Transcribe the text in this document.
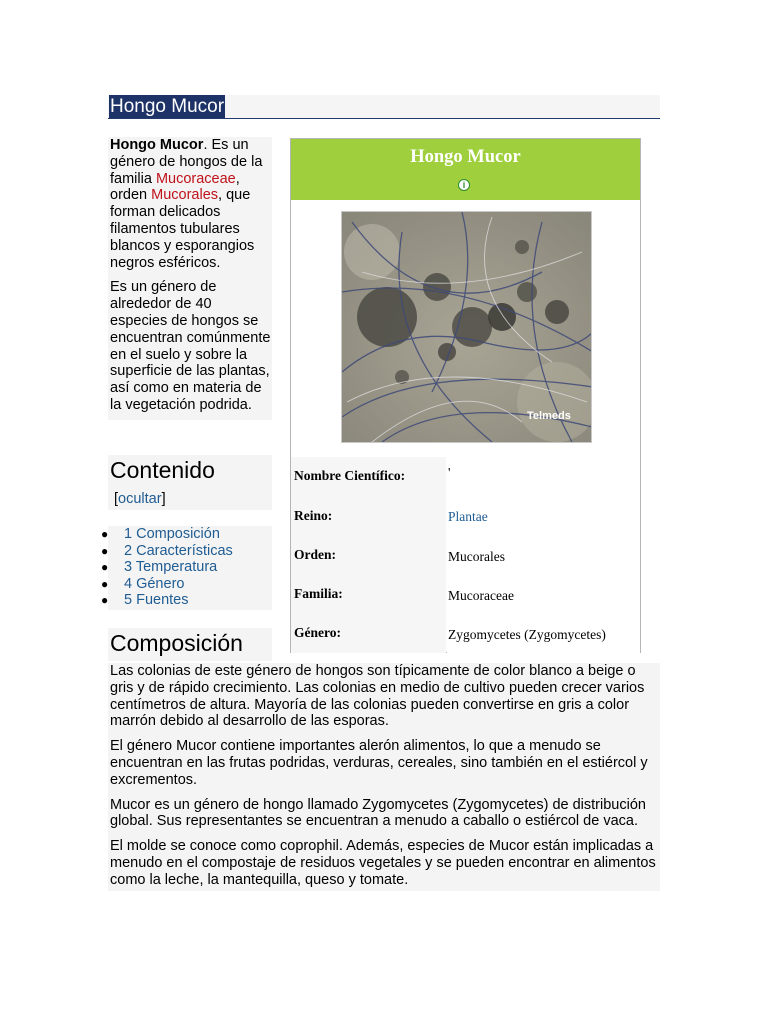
Hongo Mucor

Hongo Mucor. Es un género de hongos de la familia Mucoraceae, orden Mucorales, que forman delicados filamentos tubulares blancos y esporangios negros esféricos.

Es un género de alrededor de 40 especies de hongos se encuentran comúnmente en el suelo y sobre la superficie de las plantas, así como en materia de la vegetación podrida.

Contenido
[ocultar]
● 1 Composición
● 2 Características
● 3 Temperatura
● 4 Género
● 5 Fuentes
Hongo Mucor
i
Telmeds
Nombre Científico:	'
Reino:	Plantae
Orden:	Mucorales
Familia:	Mucoraceae
Género:	Zygomycetes (Zygomycetes)
Composición

Las colonias de este género de hongos son típicamente de color blanco a beige o gris y de rápido crecimiento. Las colonias en medio de cultivo pueden crecer varios centímetros de altura. Mayoría de las colonias pueden convertirse en gris a color marrón debido al desarrollo de las esporas.

El género Mucor contiene importantes alerón alimentos, lo que a menudo se encuentran en las frutas podridas, verduras, cereales, sino también en el estiércol y excrementos.

Mucor es un género de hongo llamado Zygomycetes (Zygomycetes) de distribución global. Sus representantes se encuentran a menudo a caballo o estiércol de vaca.

El molde se conoce como coprophil. Además, especies de Mucor están implicadas a menudo en el compostaje de residuos vegetales y se pueden encontrar en alimentos como la leche, la mantequilla, queso y tomate.
